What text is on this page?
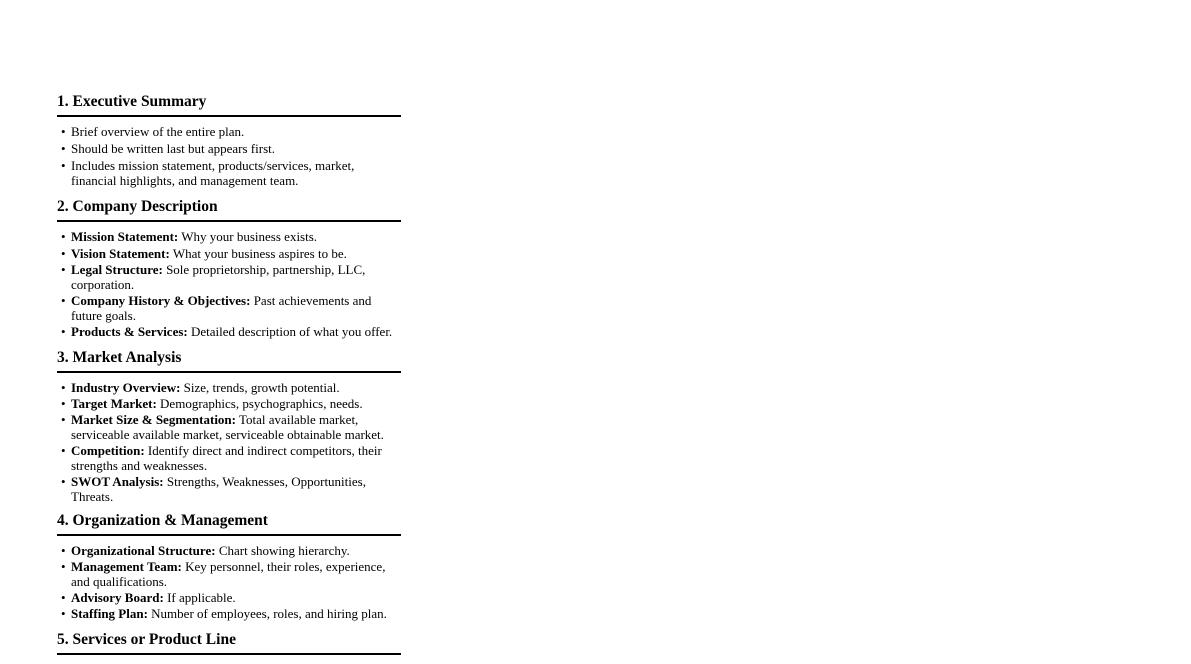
1. Executive Summary
• Brief overview of the entire plan.
• Should be written last but appears first.
• Includes mission statement, products/services, market, financial highlights, and management team.
2. Company Description
• Mission Statement: Why your business exists.
• Vision Statement: What your business aspires to be.
• Legal Structure: Sole proprietorship, partnership, LLC, corporation.
• Company History & Objectives: Past achievements and future goals.
• Products & Services: Detailed description of what you offer.
3. Market Analysis
• Industry Overview: Size, trends, growth potential.
• Target Market: Demographics, psychographics, needs.
• Market Size & Segmentation: Total available market, serviceable available market, serviceable obtainable market.
• Competition: Identify direct and indirect competitors, their strengths and weaknesses.
• SWOT Analysis: Strengths, Weaknesses, Opportunities, Threats.
4. Organization & Management
• Organizational Structure: Chart showing hierarchy.
• Management Team: Key personnel, their roles, experience, and qualifications.
• Advisory Board: If applicable.
• Staffing Plan: Number of employees, roles, and hiring plan.
5. Services or Product Line
